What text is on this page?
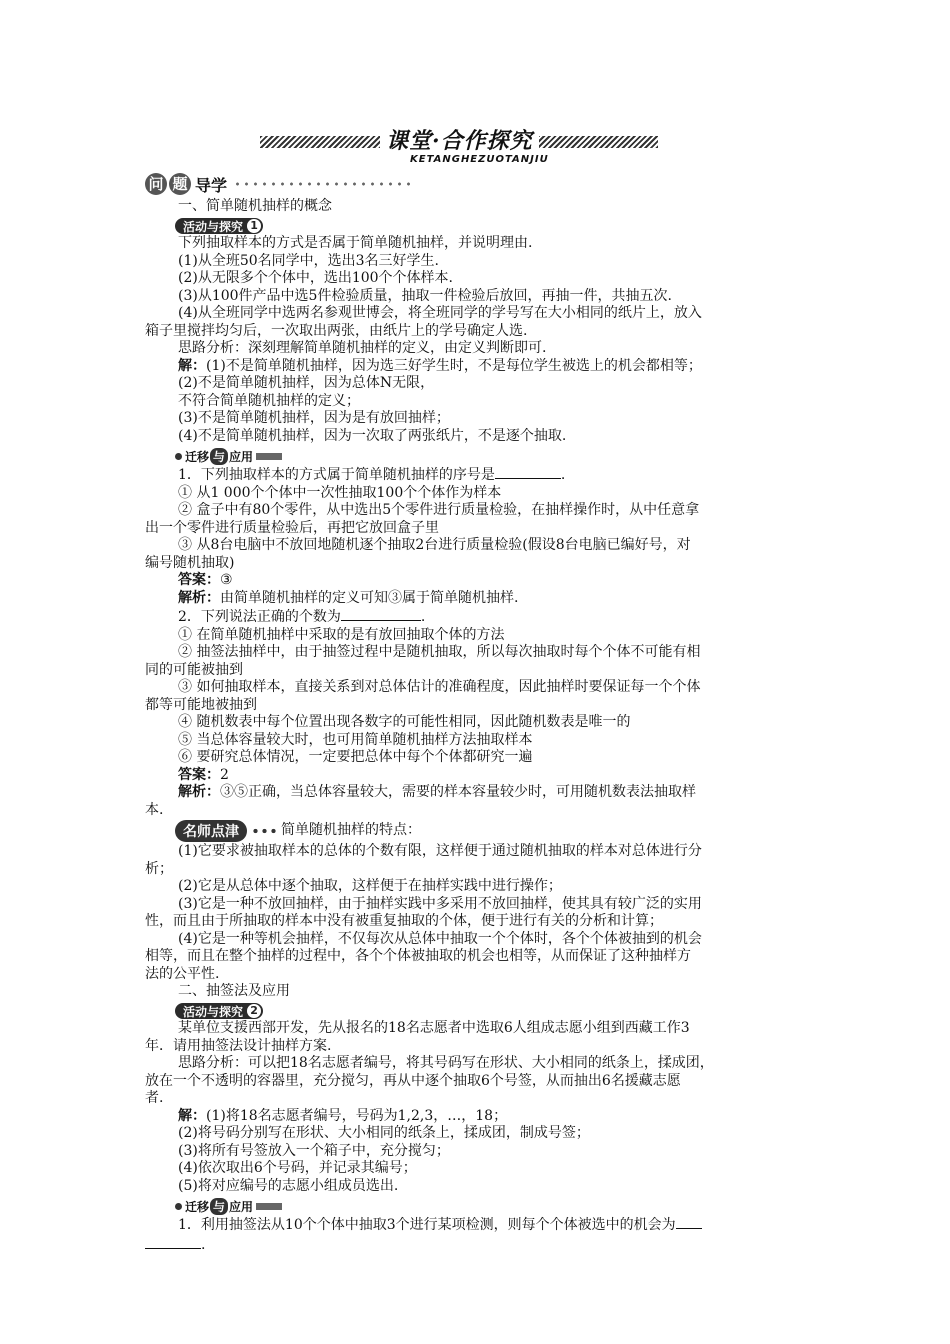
课堂·合作探究
KETANGHEZUOTANJIU
问 题 导学
一、简单随机抽样的概念
活动与探究 1
下列抽取样本的方式是否属于简单随机抽样，并说明理由.
(1)从全班50名同学中，选出3名三好学生.
(2)从无限多个个体中，选出100个个体样本.
(3)从100件产品中选5件检验质量，抽取一件检验后放回，再抽一件，共抽五次.
(4)从全班同学中选两名参观世博会，将全班同学的学号写在大小相同的纸片上，放入
箱子里搅拌均匀后，一次取出两张，由纸片上的学号确定人选.
思路分析：深刻理解简单随机抽样的定义，由定义判断即可.
解：(1)不是简单随机抽样，因为选三好学生时，不是每位学生被选上的机会都相等；
(2)不是简单随机抽样，因为总体N无限，
不符合简单随机抽样的定义；
(3)不是简单随机抽样，因为是有放回抽样；
(4)不是简单随机抽样，因为一次取了两张纸片，不是逐个抽取.
迁移 与 应用
1．下列抽取样本的方式属于简单随机抽样的序号是	.
① 从1 000个个体中一次性抽取100个个体作为样本
② 盒子中有80个零件，从中选出5个零件进行质量检验，在抽样操作时，从中任意拿
出一个零件进行质量检验后，再把它放回盒子里
③ 从8台电脑中不放回地随机逐个抽取2台进行质量检验(假设8台电脑已编好号，对
编号随机抽取)
答案：③
解析：由简单随机抽样的定义可知③属于简单随机抽样.
2．下列说法正确的个数为	.
① 在简单随机抽样中采取的是有放回抽取个体的方法
② 抽签法抽样中，由于抽签过程中是随机抽取，所以每次抽取时每个个体不可能有相
同的可能被抽到
③ 如何抽取样本，直接关系到对总体估计的准确程度，因此抽样时要保证每一个个体
都等可能地被抽到
④ 随机数表中每个位置出现各数字的可能性相同，因此随机数表是唯一的
⑤ 当总体容量较大时，也可用简单随机抽样方法抽取样本
⑥ 要研究总体情况，一定要把总体中每个个体都研究一遍
答案：2
解析：③⑤正确，当总体容量较大，需要的样本容量较少时，可用随机数表法抽取样
本.
名师点津	简单随机抽样的特点：
(1)它要求被抽取样本的总体的个数有限，这样便于通过随机抽取的样本对总体进行分
析；
(2)它是从总体中逐个抽取，这样便于在抽样实践中进行操作；
(3)它是一种不放回抽样，由于抽样实践中多采用不放回抽样，使其具有较广泛的实用
性，而且由于所抽取的样本中没有被重复抽取的个体，便于进行有关的分析和计算；
(4)它是一种等机会抽样，不仅每次从总体中抽取一个个体时，各个个体被抽到的机会
相等，而且在整个抽样的过程中，各个个体被抽取的机会也相等，从而保证了这种抽样方
法的公平性.
二、抽签法及应用
活动与探究 2
某单位支援西部开发，先从报名的18名志愿者中选取6人组成志愿小组到西藏工作3
年．请用抽签法设计抽样方案.
思路分析：可以把18名志愿者编号，将其号码写在形状、大小相同的纸条上，揉成团，
放在一个不透明的容器里，充分搅匀，再从中逐个抽取6个号签，从而抽出6名援藏志愿
者.
解：(1)将18名志愿者编号，号码为1,2,3，…，18；
(2)将号码分别写在形状、大小相同的纸条上，揉成团，制成号签；
(3)将所有号签放入一个箱子中，充分搅匀；
(4)依次取出6个号码，并记录其编号；
(5)将对应编号的志愿小组成员选出.
迁移 与 应用
1．利用抽签法从10个个体中抽取3个进行某项检测，则每个个体被选中的机会为
.
